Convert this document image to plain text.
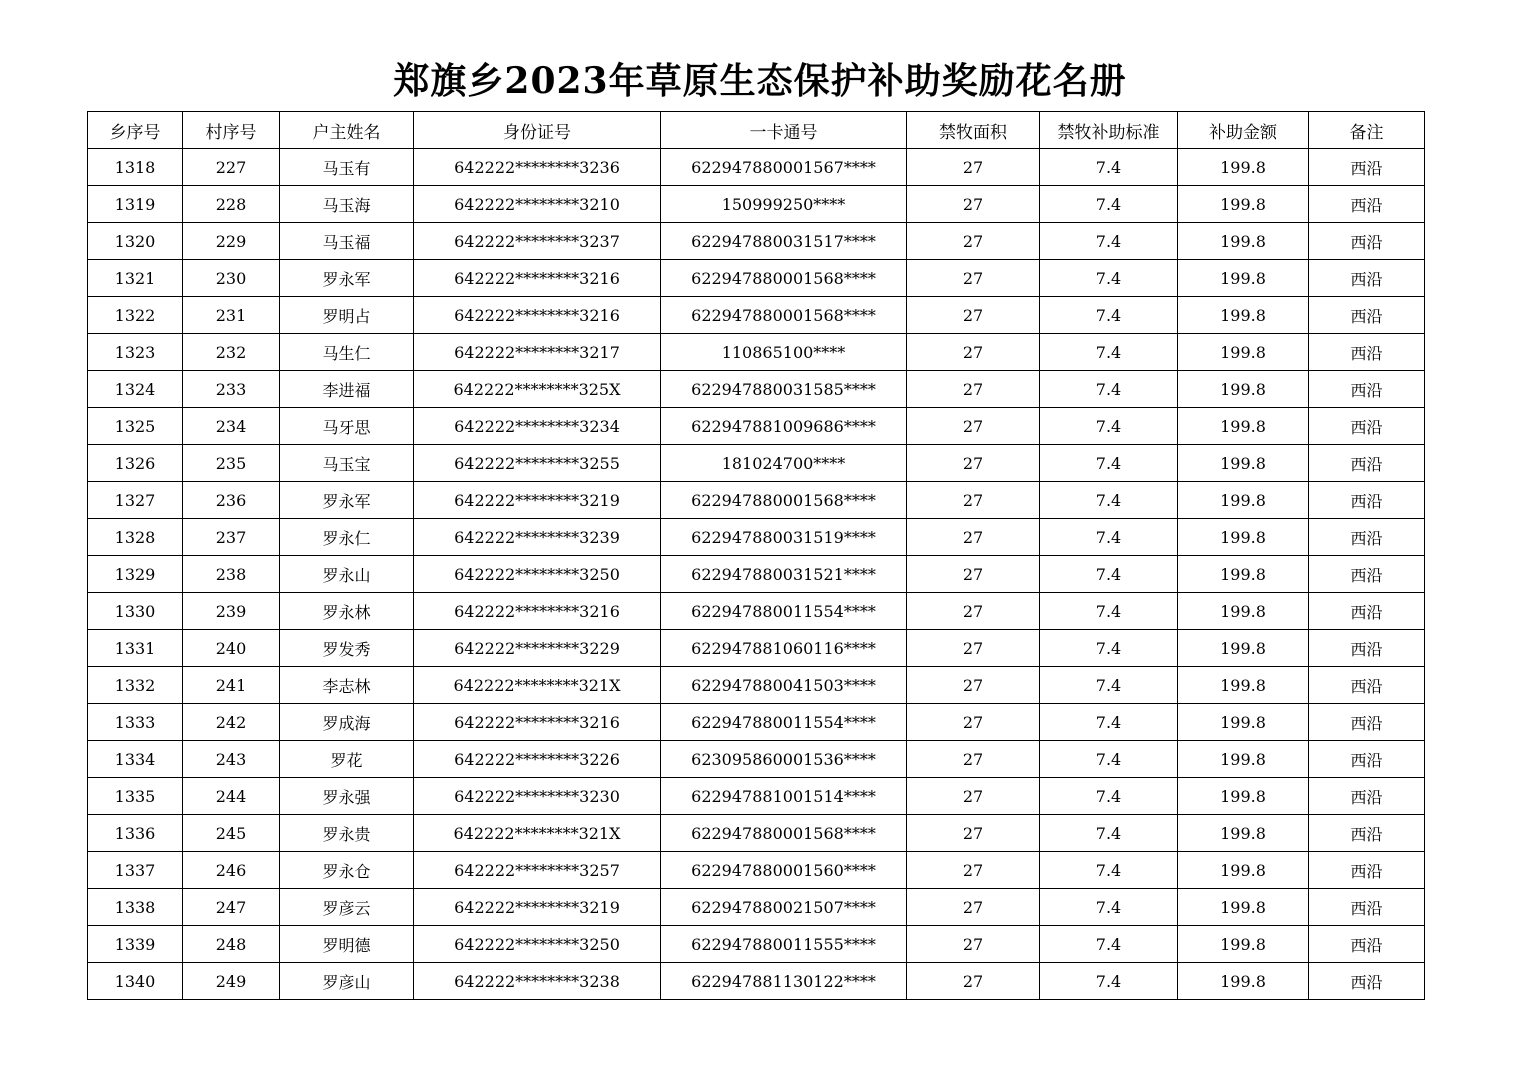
郑旗乡2023年草原生态保护补助奖励花名册
乡序号	村序号	户主姓名	身份证号	一卡通号	禁牧面积	禁牧补助标准	补助金额	备注
1318	227	马玉有	642222********3236	622947880001567****	27	7.4	199.8	西沿
1319	228	马玉海	642222********3210	150999250****	27	7.4	199.8	西沿
1320	229	马玉福	642222********3237	622947880031517****	27	7.4	199.8	西沿
1321	230	罗永军	642222********3216	622947880001568****	27	7.4	199.8	西沿
1322	231	罗明占	642222********3216	622947880001568****	27	7.4	199.8	西沿
1323	232	马生仁	642222********3217	110865100****	27	7.4	199.8	西沿
1324	233	李进福	642222********325X	622947880031585****	27	7.4	199.8	西沿
1325	234	马牙思	642222********3234	622947881009686****	27	7.4	199.8	西沿
1326	235	马玉宝	642222********3255	181024700****	27	7.4	199.8	西沿
1327	236	罗永军	642222********3219	622947880001568****	27	7.4	199.8	西沿
1328	237	罗永仁	642222********3239	622947880031519****	27	7.4	199.8	西沿
1329	238	罗永山	642222********3250	622947880031521****	27	7.4	199.8	西沿
1330	239	罗永林	642222********3216	622947880011554****	27	7.4	199.8	西沿
1331	240	罗发秀	642222********3229	622947881060116****	27	7.4	199.8	西沿
1332	241	李志林	642222********321X	622947880041503****	27	7.4	199.8	西沿
1333	242	罗成海	642222********3216	622947880011554****	27	7.4	199.8	西沿
1334	243	罗花	642222********3226	623095860001536****	27	7.4	199.8	西沿
1335	244	罗永强	642222********3230	622947881001514****	27	7.4	199.8	西沿
1336	245	罗永贵	642222********321X	622947880001568****	27	7.4	199.8	西沿
1337	246	罗永仓	642222********3257	622947880001560****	27	7.4	199.8	西沿
1338	247	罗彦云	642222********3219	622947880021507****	27	7.4	199.8	西沿
1339	248	罗明德	642222********3250	622947880011555****	27	7.4	199.8	西沿
1340	249	罗彦山	642222********3238	622947881130122****	27	7.4	199.8	西沿
